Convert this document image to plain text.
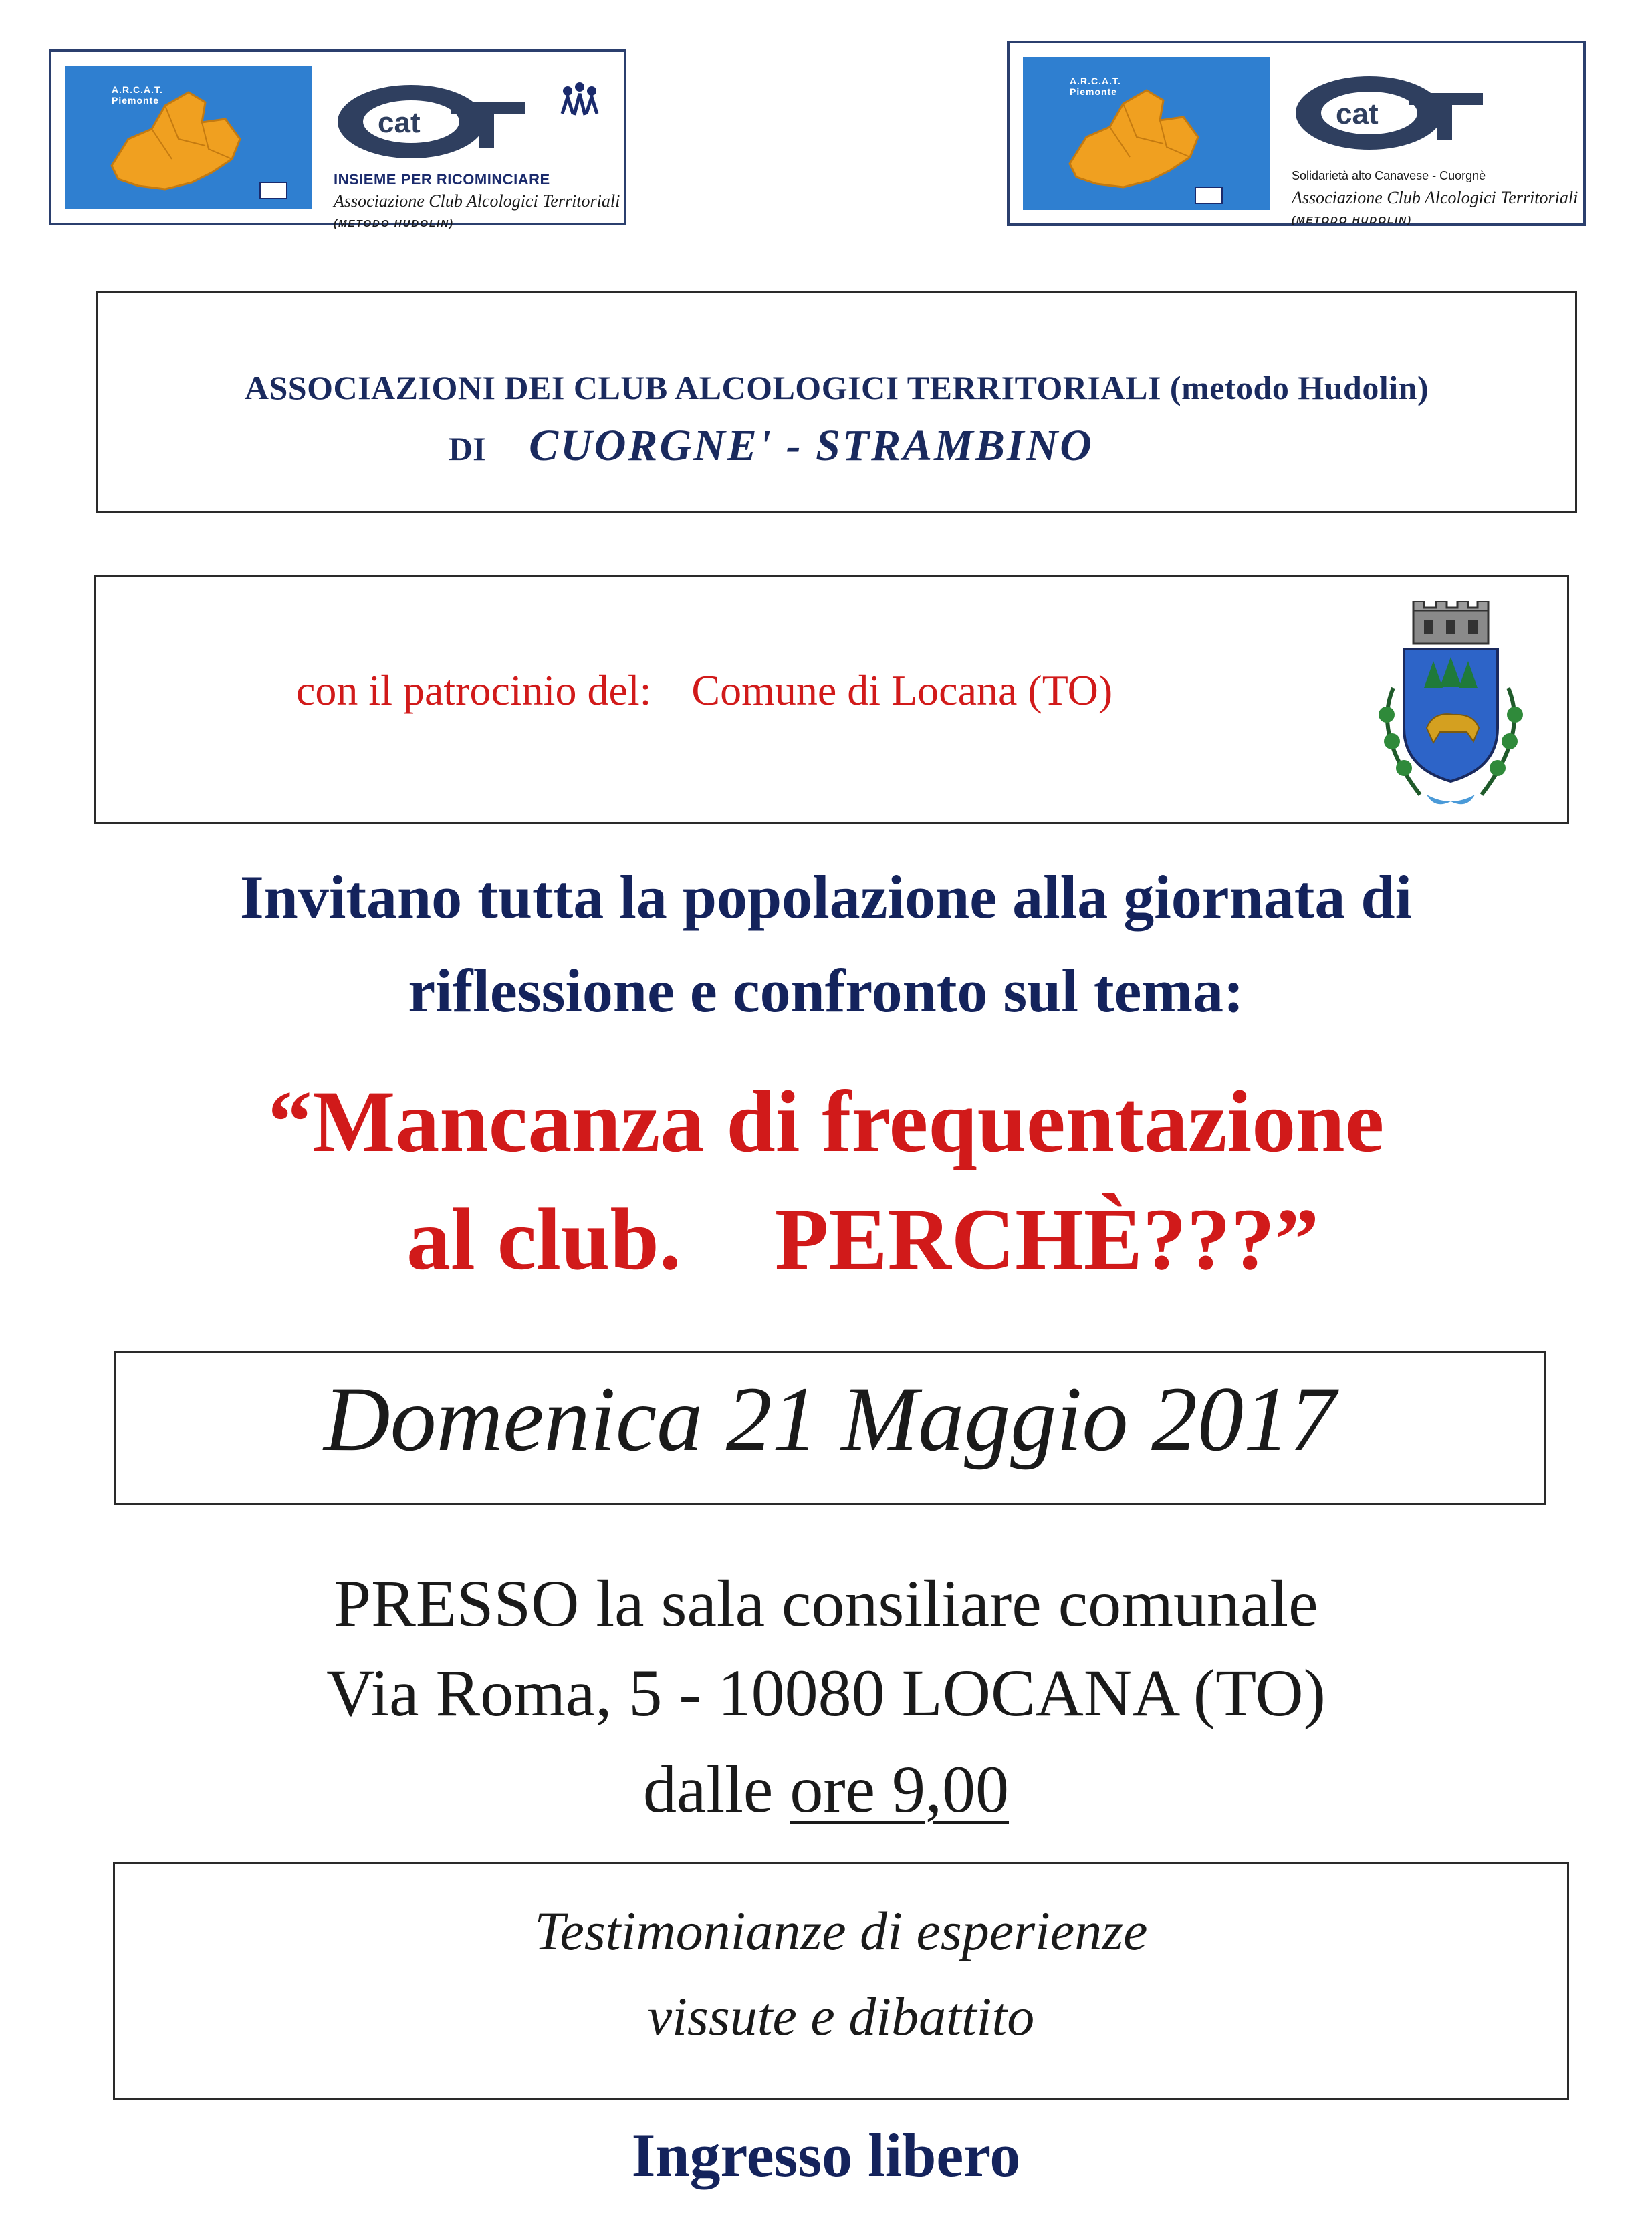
A.R.C.A.T.
Piemonte
cat
INSIEME PER RICOMINCIARE
Associazione Club Alcologici Territoriali
(METODO HUDOLIN)
A.R.C.A.T.
Piemonte
cat
Solidarietà alto Canavese - Cuorgnè
Associazione Club Alcologici Territoriali
(METODO HUDOLIN)
ASSOCIAZIONI DEI CLUB ALCOLOGICI TERRITORIALI (metodo Hudolin)
DI CUORGNE' - STRAMBINO
con il patrocinio del: Comune di Locana (TO)
Invitano tutta la popolazione alla giornata di
riflessione e confronto sul tema:
“Mancanza di frequentazione
al club. PERCHÈ???”
Domenica 21 Maggio 2017
PRESSO la sala consiliare comunale
Via Roma, 5 - 10080 LOCANA (TO)
dalle ore 9,00
Testimonianze di esperienze
vissute e dibattito
Ingresso libero
